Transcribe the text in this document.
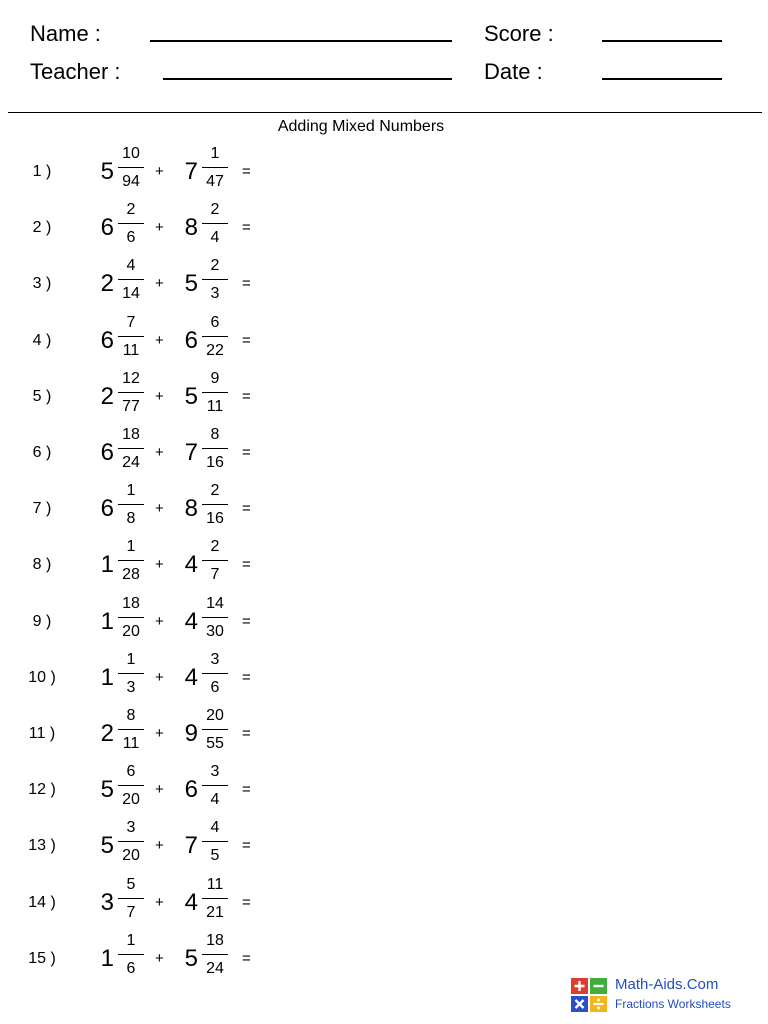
Name :
Teacher :
Score :
Date :
Adding Mixed Numbers
1 )	5
10
94
+ 7
1
47
=
2 )	6
2
6
+ 8
2
4
=
3 )	2
4
14
+ 5
2
3
=
4 )	6
7
11
+ 6
6
22
=
5 )	2
12
77
+ 5
9
11
=
6 )	6
18
24
+ 7
8
16
=
7 )	6
1
8
+ 8
2
16
=
8 )	1
1
28
+ 4
2
7
=
9 )	1
18
20
+ 4
14
30
=
10 )	1
1
3
+ 4
3
6
=
11 )	2
8
11
+ 9
20
55
=
12 )	5
6
20
+ 6
3
4
=
13 )	5
3
20
+ 7
4
5
=
14 )	3
5
7
+ 4
11
21
=
15 )	1
1
6
+ 5
18
24
=
Math-Aids.Com
Fractions Worksheets
